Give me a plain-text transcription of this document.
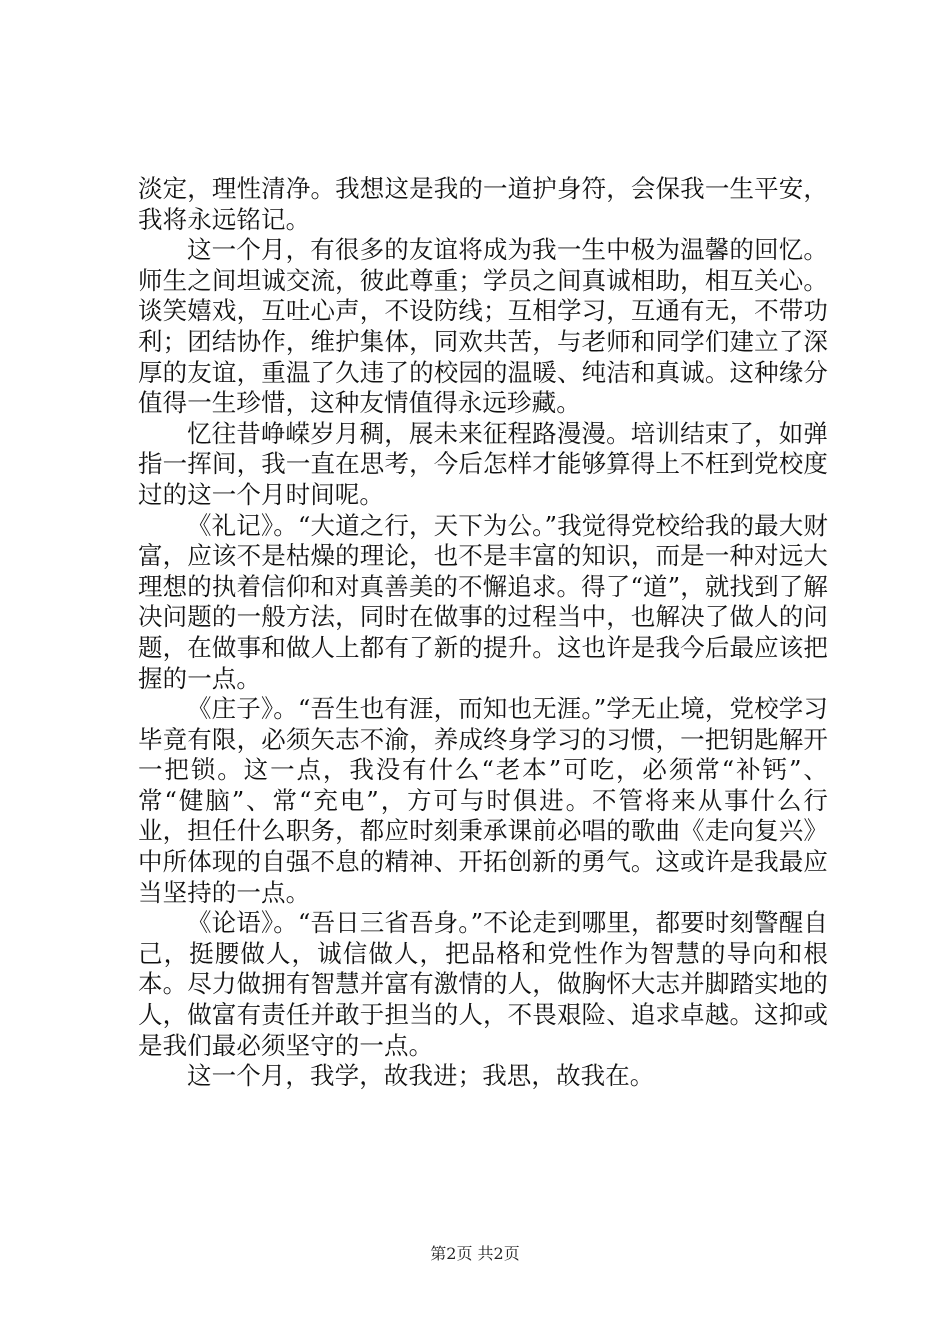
淡定，理性清净。我想这是我的一道护身符，会保我一生平安，我将永远铭记。

这一个月，有很多的友谊将成为我一生中极为温馨的回忆。师生之间坦诚交流，彼此尊重；学员之间真诚相助，相互关心。谈笑嬉戏，互吐心声，不设防线；互相学习，互通有无，不带功利；团结协作，维护集体，同欢共苦，与老师和同学们建立了深厚的友谊，重温了久违了的校园的温暖、纯洁和真诚。这种缘分值得一生珍惜，这种友情值得永远珍藏。

忆往昔峥嵘岁月稠，展未来征程路漫漫。培训结束了，如弹指一挥间，我一直在思考，今后怎样才能够算得上不枉到党校度过的这一个月时间呢。

《礼记》。“大道之行，天下为公。”我觉得党校给我的最大财富，应该不是枯燥的理论，也不是丰富的知识，而是一种对远大理想的执着信仰和对真善美的不懈追求。得了“道”，就找到了解决问题的一般方法，同时在做事的过程当中，也解决了做人的问题，在做事和做人上都有了新的提升。这也许是我今后最应该把握的一点。

《庄子》。“吾生也有涯，而知也无涯。”学无止境，党校学习毕竟有限，必须矢志不渝，养成终身学习的习惯，一把钥匙解开一把锁。这一点，我没有什么“老本”可吃，必须常“补钙”、常“健脑”、常“充电”，方可与时俱进。不管将来从事什么行业，担任什么职务，都应时刻秉承课前必唱的歌曲《走向复兴》中所体现的自强不息的精神、开拓创新的勇气。这或许是我最应当坚持的一点。

《论语》。“吾日三省吾身。”不论走到哪里，都要时刻警醒自己，挺腰做人，诚信做人，把品格和党性作为智慧的导向和根本。尽力做拥有智慧并富有激情的人，做胸怀大志并脚踏实地的人，做富有责任并敢于担当的人，不畏艰险、追求卓越。这抑或是我们最必须坚守的一点。

这一个月，我学，故我进；我思，故我在。

第2页 共2页
